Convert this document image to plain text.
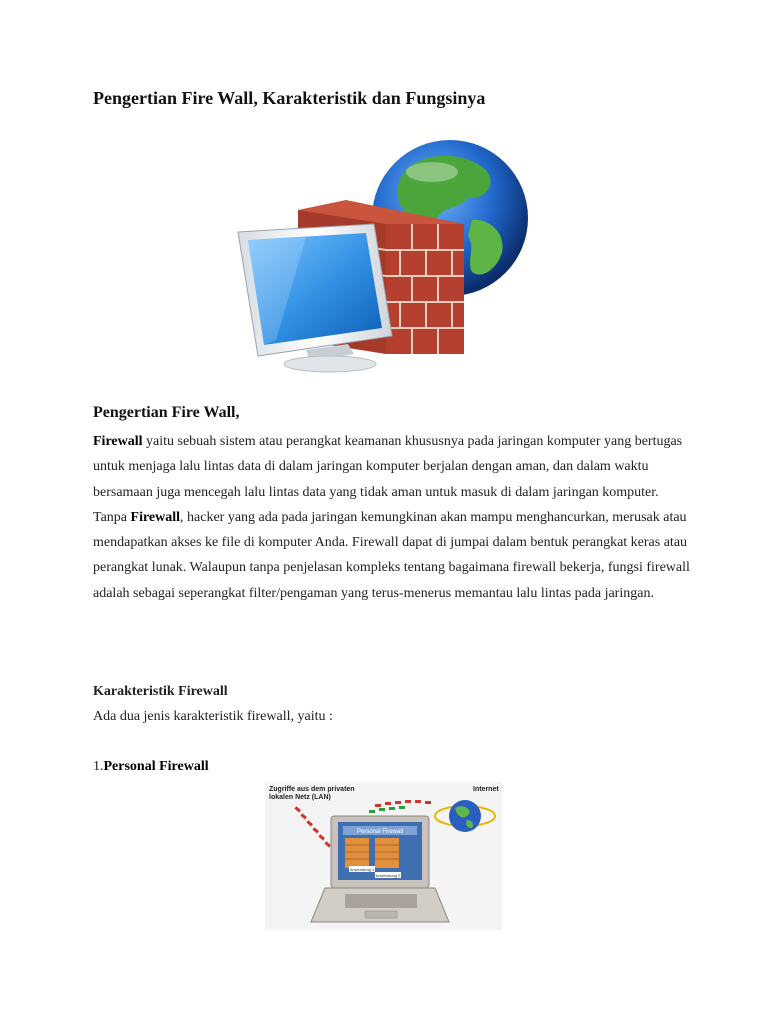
Pengertian Fire Wall, Karakteristik dan Fungsinya
Pengertian Fire Wall,

Firewall yaitu sebuah sistem atau perangkat keamanan khususnya pada jaringan komputer yang bertugas untuk menjaga lalu lintas data di dalam jaringan komputer berjalan dengan aman, dan dalam waktu bersamaan juga mencegah lalu lintas data yang tidak aman untuk masuk di dalam jaringan komputer.

Tanpa Firewall, hacker yang ada pada jaringan kemungkinan akan mampu menghancurkan, merusak atau mendapatkan akses ke file di komputer Anda. Firewall dapat di jumpai dalam bentuk perangkat keras atau perangkat lunak. Walaupun tanpa penjelasan kompleks tentang bagaimana firewall bekerja, fungsi firewall adalah sebagai seperangkat filter/pengaman yang terus-menerus memantau lalu lintas pada jaringan.

Karakteristik Firewall

Ada dua jenis karakteristik firewall, yaitu :

1.Personal Firewall

Zugriffe aus dem privaten
lokalen Netz (LAN)
Internet
Personal Firewall
Anwendung 1
Anwendung 2
